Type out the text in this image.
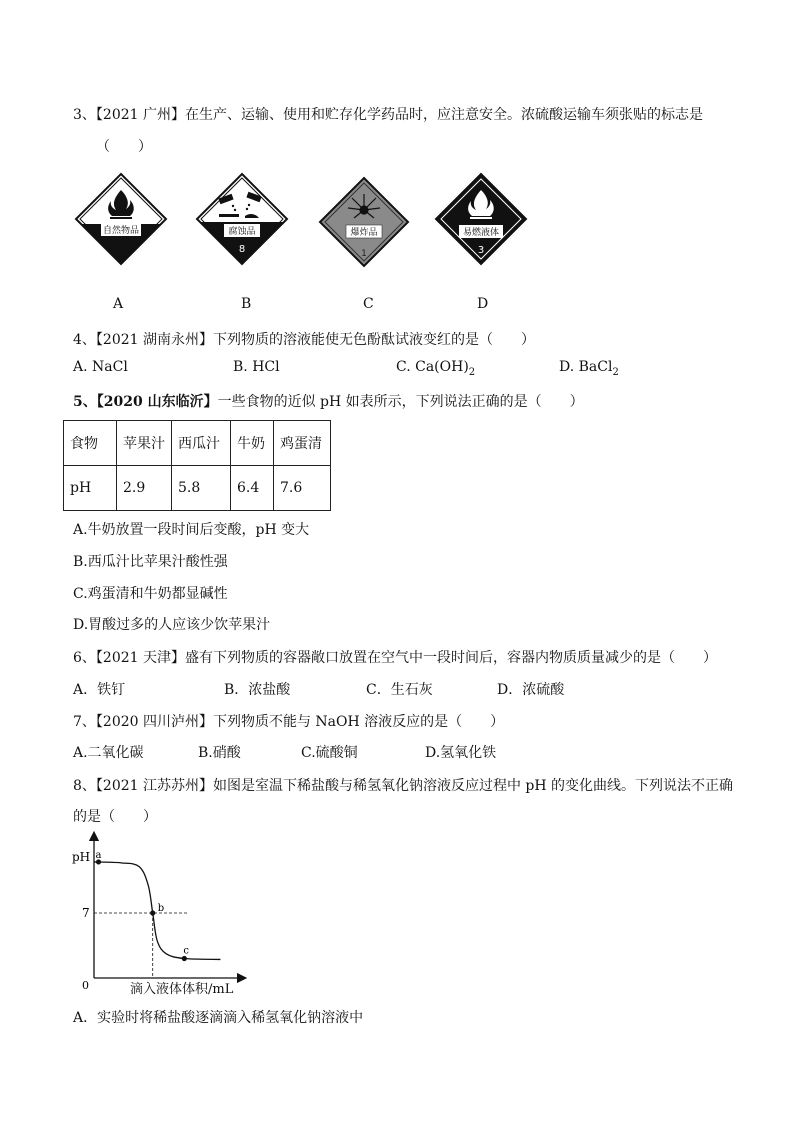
3、【2021 广州】在生产、运输、使用和贮存化学药品时，应注意安全。浓硫酸运输车须张贴的标志是
（　　）
自然物品
A
腐蚀品
8
B
爆炸品
1
C
易燃液体
3
D
4、【2021 湖南永州】下列物质的溶液能使无色酚酞试液变红的是（　　）
A. NaCl	B. HCl	C. $Ca(OH)_2$	D. BaCl$_2$
5、【2020 山东临沂】一些食物的近似 pH 如表所示，下列说法正确的是（　　）
食物	苹果汁	西瓜汁	牛奶	鸡蛋清
pH	2.9	5.8	6.4	7.6
A.牛奶放置一段时间后变酸，pH 变大
B.西瓜汁比苹果汁酸性强
C.鸡蛋清和牛奶都显碱性
D.胃酸过多的人应该少饮苹果汁
6、【2021 天津】盛有下列物质的容器敞口放置在空气中一段时间后，容器内物质质量减少的是（　　）
A．铁钉	B．浓盐酸	C．生石灰	D．浓硫酸
7、【2020 四川泸州】下列物质不能与 NaOH 溶液反应的是（　　）
A.二氧化碳	B.硝酸	C.硫酸铜	D.氢氧化铁
8、【2021 江苏苏州】如图是室温下稀盐酸与稀氢氧化钠溶液反应过程中 pH 的变化曲线。下列说法不正确
的是（　　）
pH
0
7
a
b
c
滴入液体体积/mL
A．实验时将稀盐酸逐滴滴入稀氢氧化钠溶液中
